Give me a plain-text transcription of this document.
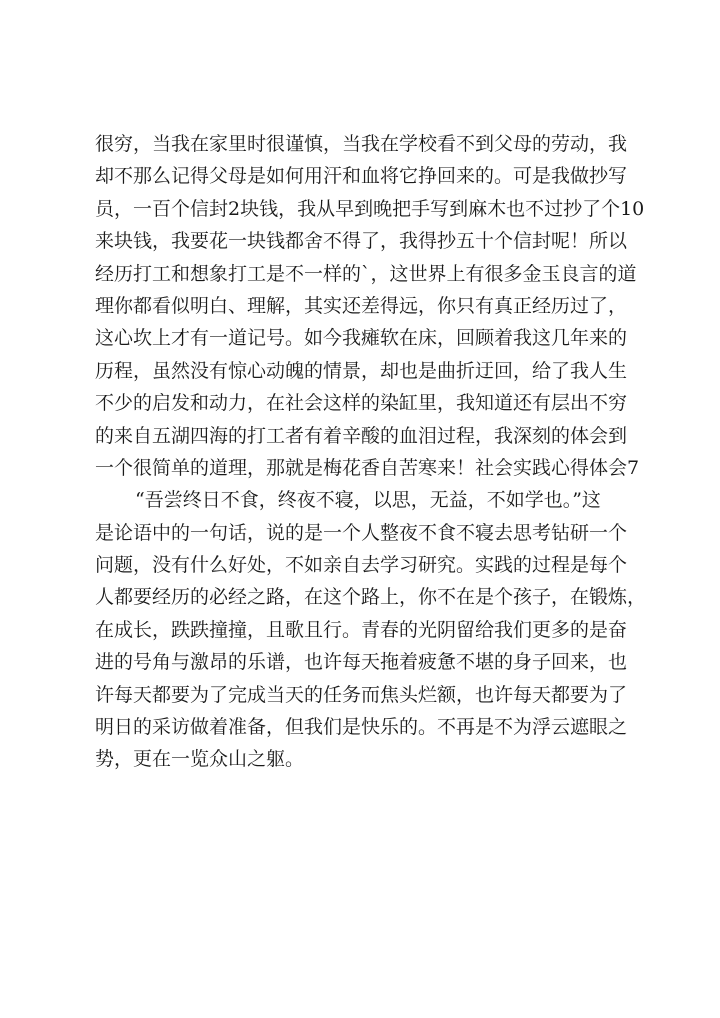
很穷，当我在家里时很谨慎，当我在学校看不到父母的劳动，我
却不那么记得父母是如何用汗和血将它挣回来的。可是我做抄写
员，一百个信封2块钱，我从早到晚把手写到麻木也不过抄了个10
来块钱，我要花一块钱都舍不得了，我得抄五十个信封呢！所以
经历打工和想象打工是不一样的`，这世界上有很多金玉良言的道
理你都看似明白、理解，其实还差得远，你只有真正经历过了，
这心坎上才有一道记号。如今我瘫软在床，回顾着我这几年来的
历程，虽然没有惊心动魄的情景，却也是曲折迂回，给了我人生
不少的启发和动力，在社会这样的染缸里，我知道还有层出不穷
的来自五湖四海的打工者有着辛酸的血泪过程，我深刻的体会到
一个很简单的道理，那就是梅花香自苦寒来！社会实践心得体会7
“吾尝终日不食，终夜不寝，以思，无益，不如学也。”这
是论语中的一句话，说的是一个人整夜不食不寝去思考钻研一个
问题，没有什么好处，不如亲自去学习研究。实践的过程是每个
人都要经历的必经之路，在这个路上，你不在是个孩子，在锻炼，
在成长，跌跌撞撞，且歌且行。青春的光阴留给我们更多的是奋
进的号角与激昂的乐谱，也许每天拖着疲惫不堪的身子回来，也
许每天都要为了完成当天的任务而焦头烂额，也许每天都要为了
明日的采访做着准备，但我们是快乐的。不再是不为浮云遮眼之
势，更在一览众山之躯。
